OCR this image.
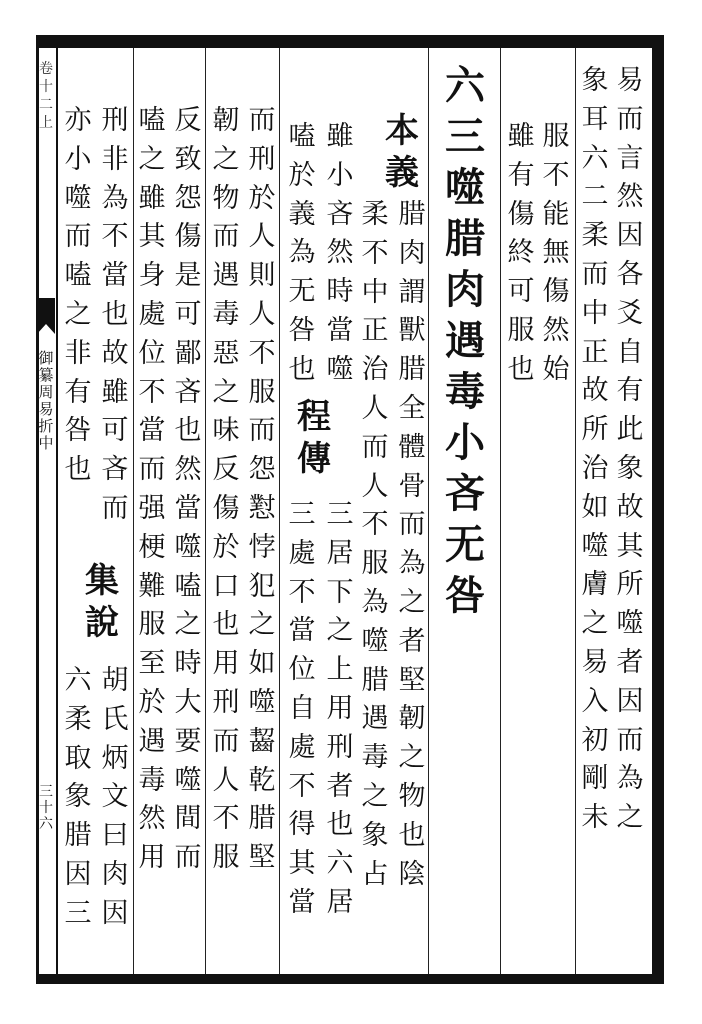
卷十二上
御纂周易折中
三十六
易而言然因各爻自有此象故其所噬者因而為之
象耳六二柔而中正故所治如噬膚之易入初剛未
服不能無傷然始
雖有傷終可服也
六三噬腊肉遇毒小吝无咎
本義
腊肉謂獸腊全體骨而為之者堅韌之物也陰
柔不中正治人而人不服為噬腊遇毒之象占
雖小吝然時當噬
嗑於義為无咎也
程傳
三居下之上用刑者也六居
三處不當位自處不得其當
而刑於人則人不服而怨懟悖犯之如噬齧乾腊堅
韌之物而遇毒惡之味反傷於口也用刑而人不服
反致怨傷是可鄙吝也然當噬嗑之時大要噬間而
嗑之雖其身處位不當而强梗難服至於遇毒然用
刑非為不當也故雖可吝而
集說
胡氏炳文曰肉因
亦小噬而嗑之非有咎也
六柔取象腊因三
